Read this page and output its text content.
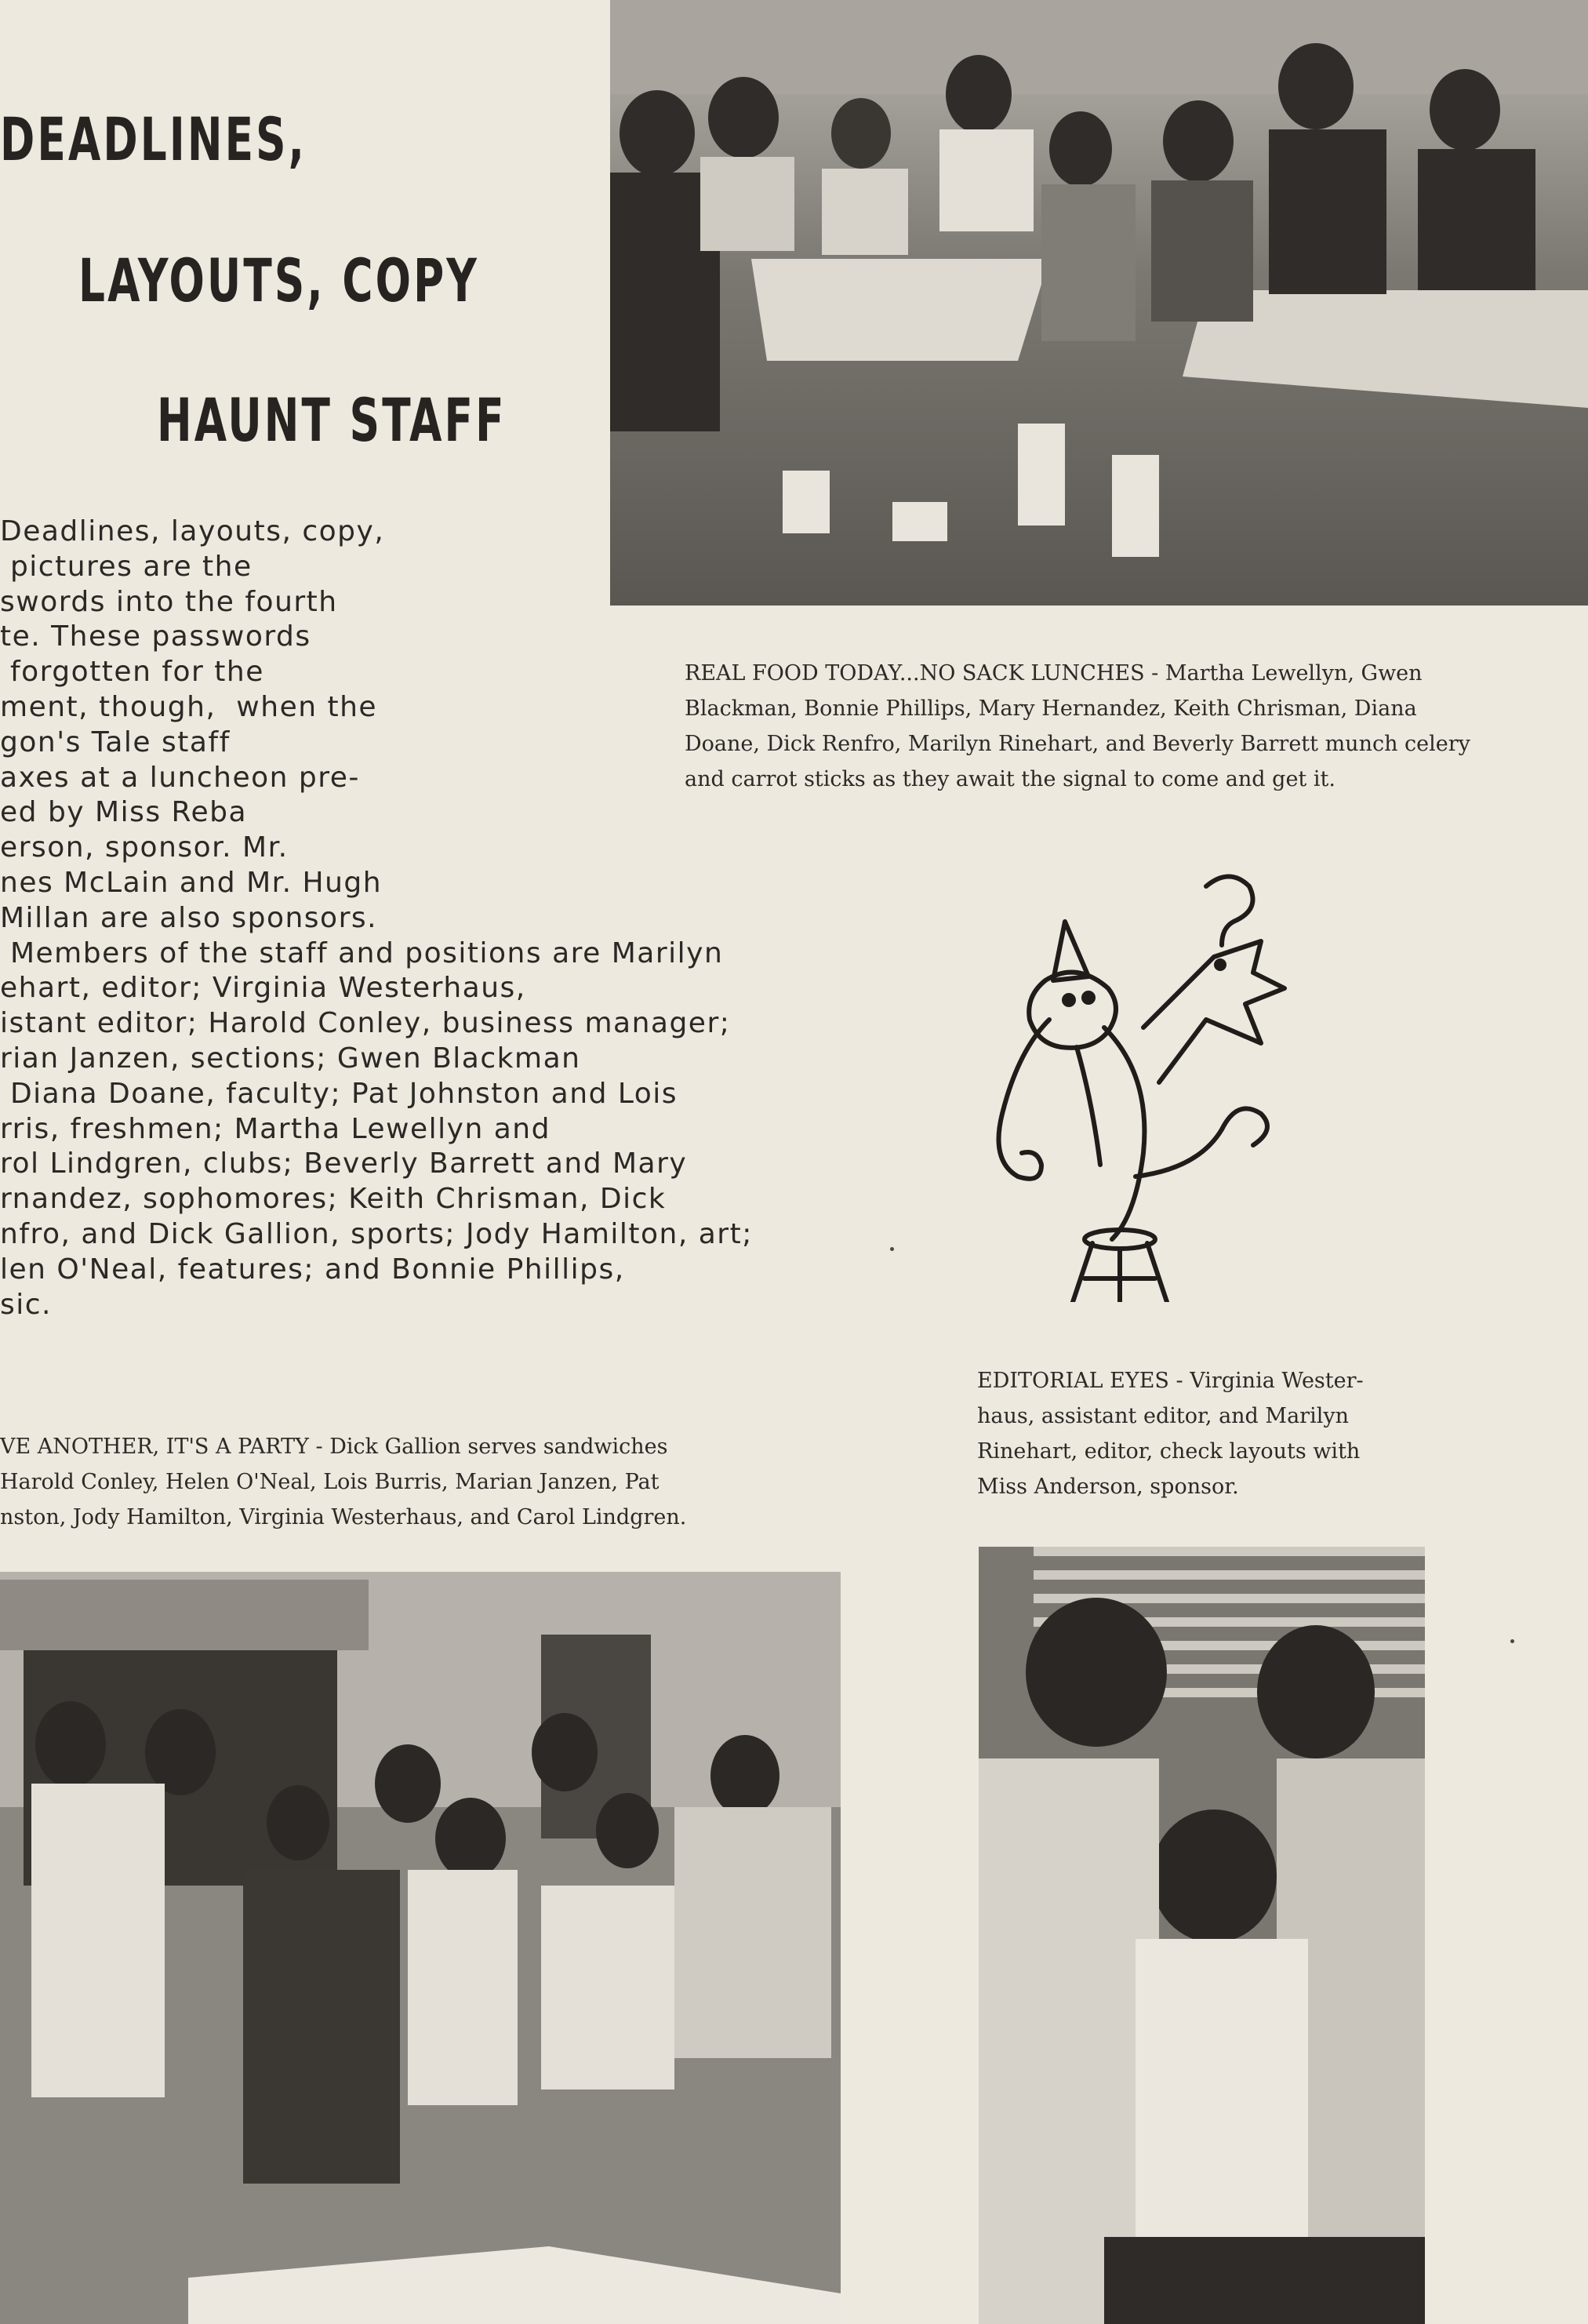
DEADLINES,
LAYOUTS, COPY
HAUNT STAFF
Deadlines, layouts, copy,
pictures are the
swords into the fourth
te. These passwords
forgotten for the
ment, though,  when the
gon's Tale staff
axes at a luncheon pre-
ed by Miss Reba
erson, sponsor. Mr.
nes McLain and Mr. Hugh
Millan are also sponsors.
Members of the staff and positions are Marilyn
ehart, editor; Virginia Westerhaus,
istant editor; Harold Conley, business manager;
rian Janzen, sections; Gwen Blackman
Diana Doane, faculty; Pat Johnston and Lois
rris, freshmen; Martha Lewellyn and
rol Lindgren, clubs; Beverly Barrett and Mary
rnandez, sophomores; Keith Chrisman, Dick
nfro, and Dick Gallion, sports; Jody Hamilton, art;
len O'Neal, features; and Bonnie Phillips,
sic.
REAL FOOD TODAY...NO SACK LUNCHES - Martha Lewellyn, Gwen
Blackman, Bonnie Phillips, Mary Hernandez, Keith Chrisman, Diana
Doane, Dick Renfro, Marilyn Rinehart, and Beverly Barrett munch celery
and carrot sticks as they await the signal to come and get it.
VE ANOTHER, IT'S A PARTY - Dick Gallion serves sandwiches
Harold Conley, Helen O'Neal, Lois Burris, Marian Janzen, Pat
nston, Jody Hamilton, Virginia Westerhaus, and Carol Lindgren.
EDITORIAL EYES - Virginia Wester-
haus, assistant editor, and Marilyn
Rinehart, editor, check layouts with
Miss Anderson, sponsor.
